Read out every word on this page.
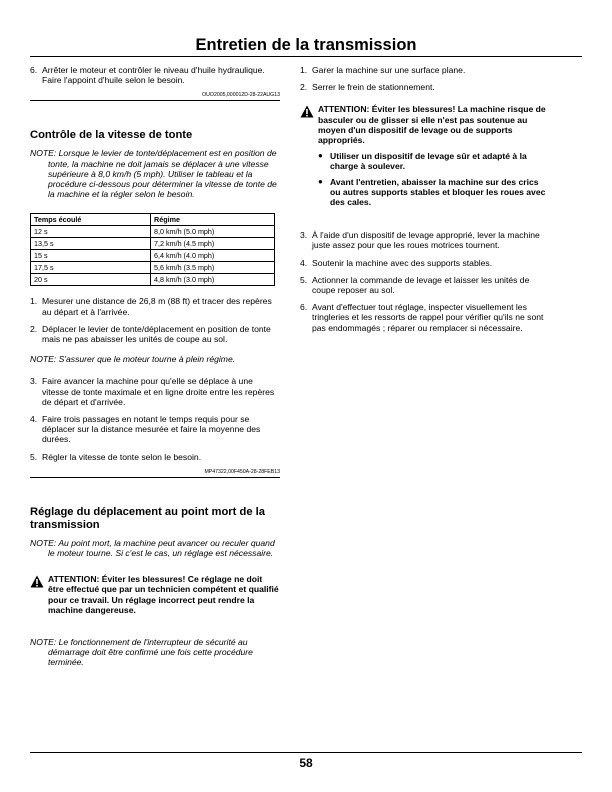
Entretien de la transmission
6. Arrêter le moteur et contrôler le niveau d'huile hydraulique. Faire l'appoint d'huile selon le besoin.
OUO2005,000012D-28-22AUG13
Contrôle de la vitesse de tonte
NOTE: Lorsque le levier de tonte/déplacement est en position de tonte, la machine ne doit jamais se déplacer à une vitesse supérieure à 8,0 km/h (5 mph). Utiliser le tableau et la procédure ci-dessous pour déterminer la vitesse de tonte de la machine et la régler selon le besoin.
Temps écoulé	Régime
12 s	8,0 km/h (5.0 mph)
13,5 s	7,2 km/h (4.5 mph)
15 s	6,4 km/h (4.0 mph)
17,5 s	5,6 km/h (3.5 mph)
20 s	4,8 km/h (3.0 mph)
1. Mesurer une distance de 26,8 m (88 ft) et tracer des repères au départ et à l'arrivée.
2. Déplacer le levier de tonte/déplacement en position de tonte mais ne pas abaisser les unités de coupe au sol.
NOTE: S'assurer que le moteur tourne à plein régime.
3. Faire avancer la machine pour qu'elle se déplace à une vitesse de tonte maximale et en ligne droite entre les repères de départ et d'arrivée.
4. Faire trois passages en notant le temps requis pour se déplacer sur la distance mesurée et faire la moyenne des durées.
5. Régler la vitesse de tonte selon le besoin.
MP47322,00F450A-28-28FEB13
Réglage du déplacement au point mort de la transmission
NOTE: Au point mort, la machine peut avancer ou reculer quand le moteur tourne. Si c'est le cas, un réglage est nécessaire.
ATTENTION: Éviter les blessures! Ce réglage ne doit être effectué que par un technicien compétent et qualifié pour ce travail. Un réglage incorrect peut rendre la machine dangereuse.
NOTE: Le fonctionnement de l'interrupteur de sécurité au démarrage doit être confirmé une fois cette procédure terminée.
1. Garer la machine sur une surface plane.
2. Serrer le frein de stationnement.
ATTENTION: Éviter les blessures! La machine risque de basculer ou de glisser si elle n'est pas soutenue au moyen d'un dispositif de levage ou de supports appropriés.
● Utiliser un dispositif de levage sûr et adapté à la charge à soulever.
● Avant l'entretien, abaisser la machine sur des crics ou autres supports stables et bloquer les roues avec des cales.
3. À l'aide d'un dispositif de levage approprié, lever la machine juste assez pour que les roues motrices tournent.
4. Soutenir la machine avec des supports stables.
5. Actionner la commande de levage et laisser les unités de coupe reposer au sol.
6. Avant d'effectuer tout réglage, inspecter visuellement les tringleries et les ressorts de rappel pour vérifier qu'ils ne sont pas endommagés ; réparer ou remplacer si nécessaire.
58
